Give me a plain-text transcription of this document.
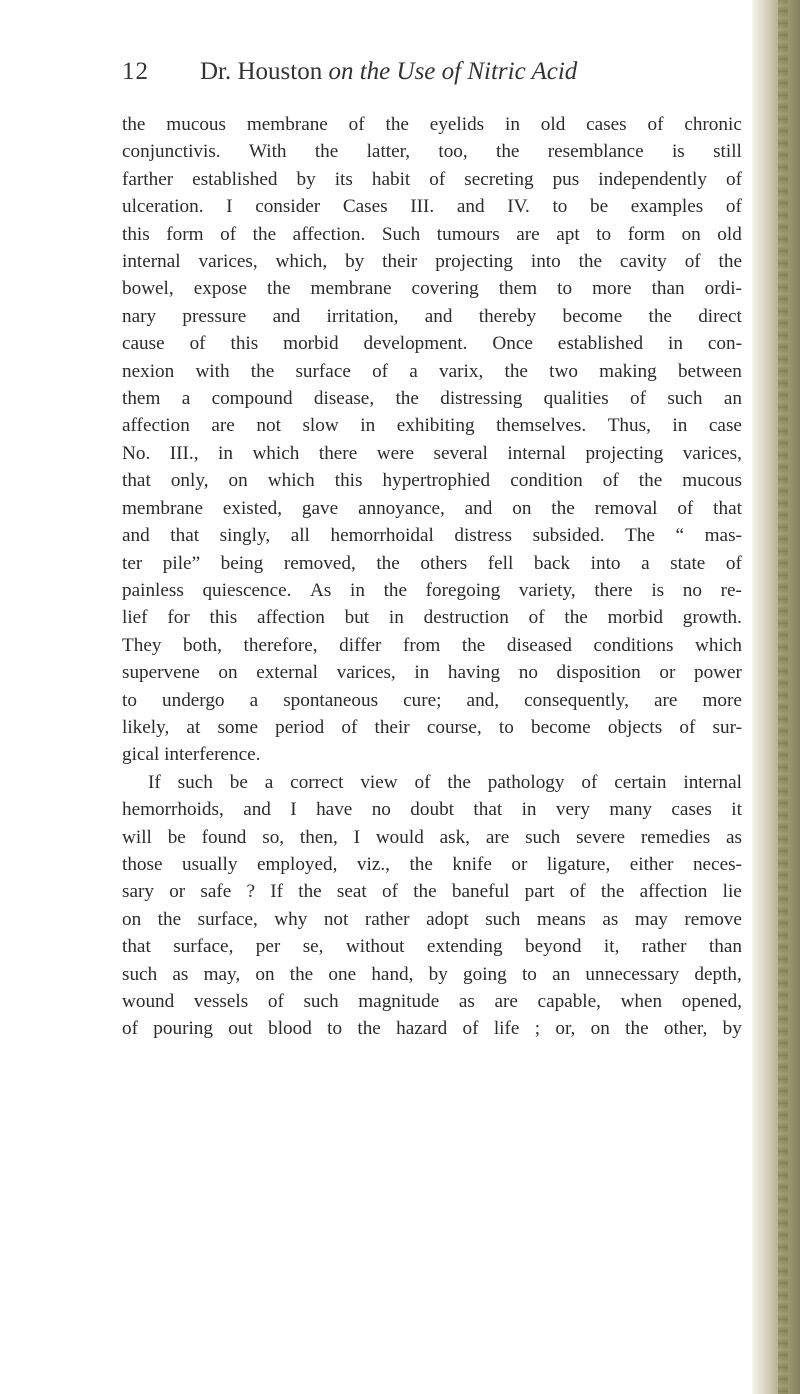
12 Dr. Houston on the Use of Nitric Acid
the mucous membrane of the eyelids in old cases of chronic
conjunctivis. With the latter, too, the resemblance is still
farther established by its habit of secreting pus independently of
ulceration. I consider Cases III. and IV. to be examples of
this form of the affection. Such tumours are apt to form on old
internal varices, which, by their projecting into the cavity of the
bowel, expose the membrane covering them to more than ordi-
nary pressure and irritation, and thereby become the direct
cause of this morbid development. Once established in con-
nexion with the surface of a varix, the two making between
them a compound disease, the distressing qualities of such an
affection are not slow in exhibiting themselves. Thus, in case
No. III., in which there were several internal projecting varices,
that only, on which this hypertrophied condition of the mucous
membrane existed, gave annoyance, and on the removal of that
and that singly, all hemorrhoidal distress subsided. The “ mas-
ter pile” being removed, the others fell back into a state of
painless quiescence. As in the foregoing variety, there is no re-
lief for this affection but in destruction of the morbid growth.
They both, therefore, differ from the diseased conditions which
supervene on external varices, in having no disposition or power
to undergo a spontaneous cure; and, consequently, are more
likely, at some period of their course, to become objects of sur-
gical interference.
If such be a correct view of the pathology of certain internal
hemorrhoids, and I have no doubt that in very many cases it
will be found so, then, I would ask, are such severe remedies as
those usually employed, viz., the knife or ligature, either neces-
sary or safe ? If the seat of the baneful part of the affection lie
on the surface, why not rather adopt such means as may remove
that surface, per se, without extending beyond it, rather than
such as may, on the one hand, by going to an unnecessary depth,
wound vessels of such magnitude as are capable, when opened,
of pouring out blood to the hazard of life ; or, on the other, by
